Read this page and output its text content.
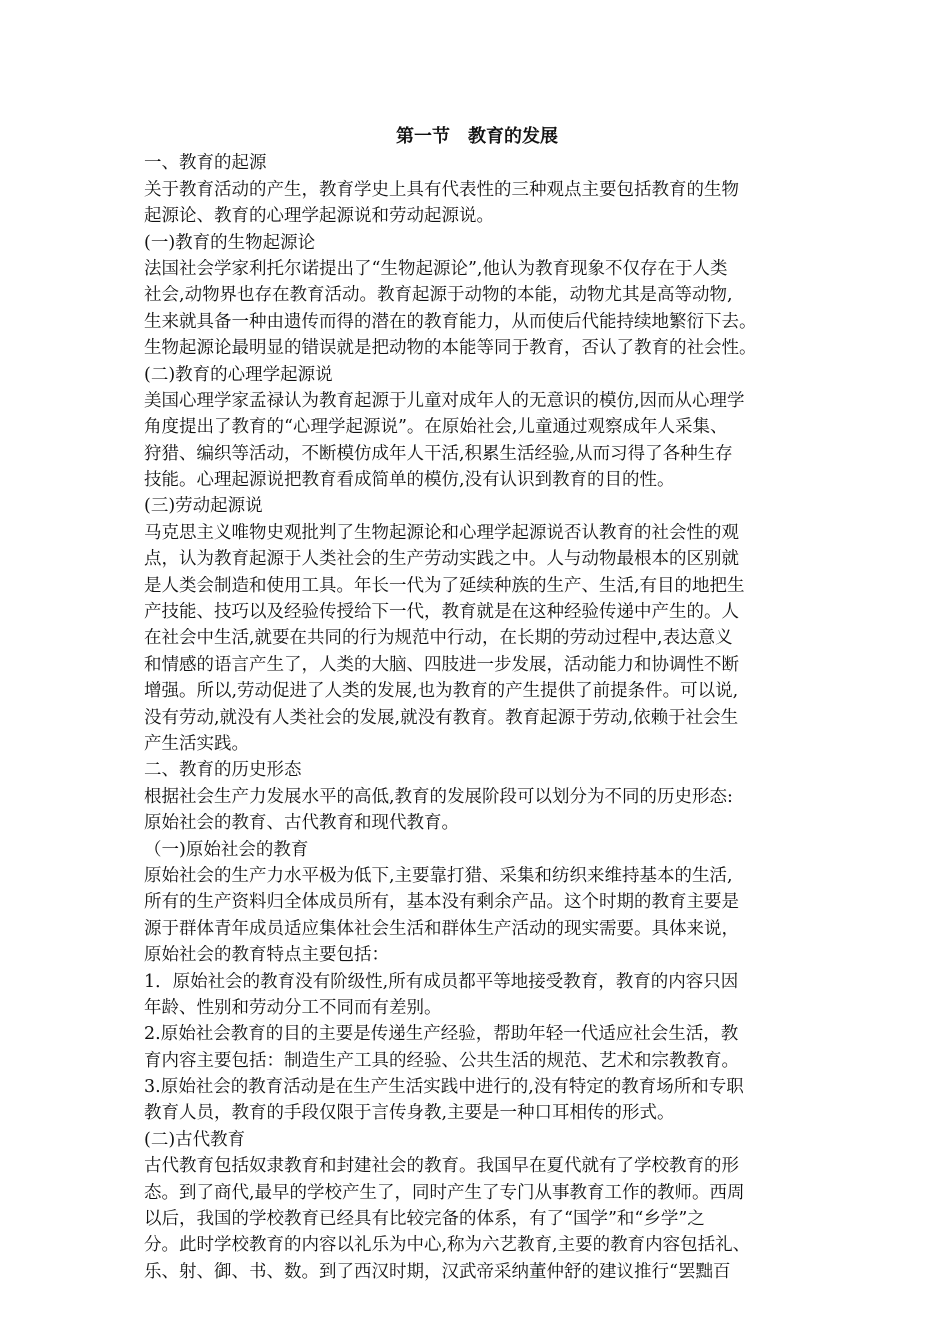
第一节　教育的发展
一、教育的起源
关于教育活动的产生，教育学史上具有代表性的三种观点主要包括教育的生物
起源论、教育的心理学起源说和劳动起源说。
(一)教育的生物起源论
法国社会学家利托尔诺提出了“生物起源论”,他认为教育现象不仅存在于人类
社会,动物界也存在教育活动。教育起源于动物的本能，动物尤其是高等动物,
生来就具备一种由遗传而得的潜在的教育能力，从而使后代能持续地繁衍下去。
生物起源论最明显的错误就是把动物的本能等同于教育，否认了教育的社会性。
(二)教育的心理学起源说
美国心理学家孟禄认为教育起源于儿童对成年人的无意识的模仿,因而从心理学
角度提出了教育的“心理学起源说”。在原始社会,儿童通过观察成年人采集、
狩猎、编织等活动，不断模仿成年人干活,积累生活经验,从而习得了各种生存
技能。心理起源说把教育看成简单的模仿,没有认识到教育的目的性。
(三)劳动起源说
马克思主义唯物史观批判了生物起源论和心理学起源说否认教育的社会性的观
点，认为教育起源于人类社会的生产劳动实践之中。人与动物最根本的区别就
是人类会制造和使用工具。年长一代为了延续种族的生产、生活,有目的地把生
产技能、技巧以及经验传授给下一代，教育就是在这种经验传递中产生的。人
在社会中生活,就要在共同的行为规范中行动，在长期的劳动过程中,表达意义
和情感的语言产生了，人类的大脑、四肢进一步发展，活动能力和协调性不断
增强。所以,劳动促进了人类的发展,也为教育的产生提供了前提条件。可以说,
没有劳动,就没有人类社会的发展,就没有教育。教育起源于劳动,依赖于社会生
产生活实践。
二、教育的历史形态
根据社会生产力发展水平的高低,教育的发展阶段可以划分为不同的历史形态:
原始社会的教育、古代教育和现代教育。
（一)原始社会的教育
原始社会的生产力水平极为低下,主要靠打猎、采集和纺织来维持基本的生活,
所有的生产资料归全体成员所有，基本没有剩余产品。这个时期的教育主要是
源于群体青年成员适应集体社会生活和群体生产活动的现实需要。具体来说，
原始社会的教育特点主要包括：
1．原始社会的教育没有阶级性,所有成员都平等地接受教育，教育的内容只因
年龄、性别和劳动分工不同而有差别。
2.原始社会教育的目的主要是传递生产经验，帮助年轻一代适应社会生活，教
育内容主要包括：制造生产工具的经验、公共生活的规范、艺术和宗教教育。
3.原始社会的教育活动是在生产生活实践中进行的,没有特定的教育场所和专职
教育人员，教育的手段仅限于言传身教,主要是一种口耳相传的形式。
(二)古代教育
古代教育包括奴隶教育和封建社会的教育。我国早在夏代就有了学校教育的形
态。到了商代,最早的学校产生了，同时产生了专门从事教育工作的教师。西周
以后，我国的学校教育已经具有比较完备的体系，有了“国学”和“乡学”之
分。此时学校教育的内容以礼乐为中心,称为六艺教育,主要的教育内容包括礼、
乐、射、御、书、数。到了西汉时期，汉武帝采纳董仲舒的建议推行“罢黜百
